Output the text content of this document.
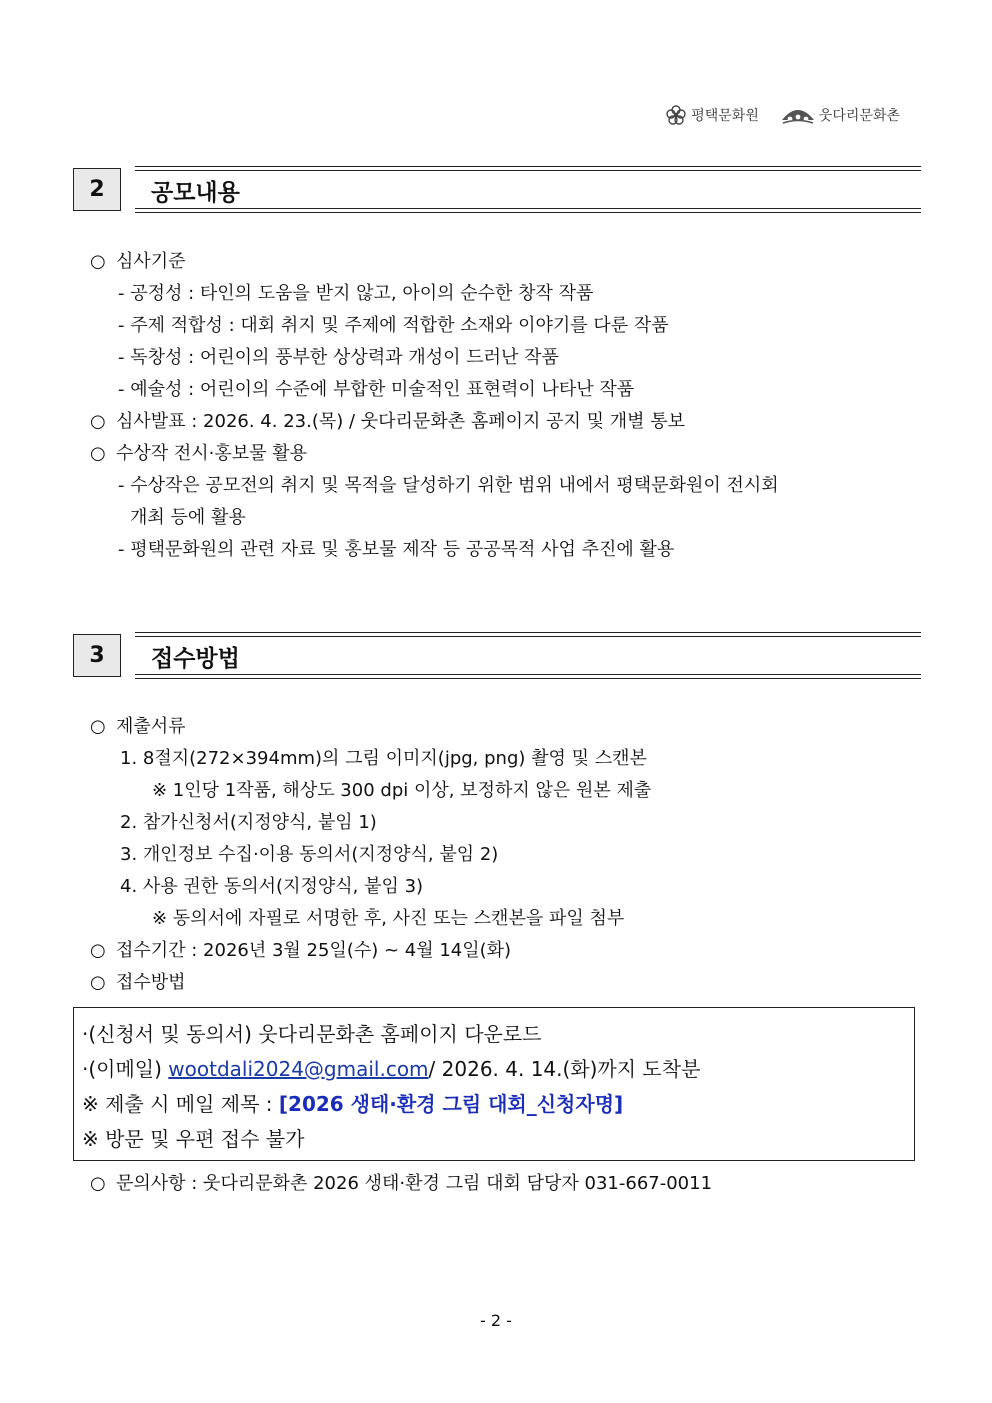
평택문화원	웃다리문화촌
2	공모내용
○ 심사기준
- 공정성 : 타인의 도움을 받지 않고, 아이의 순수한 창작 작품
- 주제 적합성 : 대회 취지 및 주제에 적합한 소재와 이야기를 다룬 작품
- 독창성 : 어린이의 풍부한 상상력과 개성이 드러난 작품
- 예술성 : 어린이의 수준에 부합한 미술적인 표현력이 나타난 작품
○ 심사발표 : 2026. 4. 23.(목) / 웃다리문화촌 홈페이지 공지 및 개별 통보
○ 수상작 전시·홍보물 활용
- 수상작은 공모전의 취지 및 목적을 달성하기 위한 범위 내에서 평택문화원이 전시회
개최 등에 활용
- 평택문화원의 관련 자료 및 홍보물 제작 등 공공목적 사업 추진에 활용
3	접수방법
○ 제출서류
1. 8절지(272×394mm)의 그림 이미지(jpg, png) 촬영 및 스캔본
※ 1인당 1작품, 해상도 300 dpi 이상, 보정하지 않은 원본 제출
2. 참가신청서(지정양식, 붙임 1)
3. 개인정보 수집·이용 동의서(지정양식, 붙임 2)
4. 사용 권한 동의서(지정양식, 붙임 3)
※ 동의서에 자필로 서명한 후, 사진 또는 스캔본을 파일 첨부
○ 접수기간 : 2026년 3월 25일(수) ~ 4월 14일(화)
○ 접수방법
·(신청서 및 동의서) 웃다리문화촌 홈페이지 다운로드
·(이메일) wootdali2024@gmail.com/ 2026. 4. 14.(화)까지 도착분
※ 제출 시 메일 제목 : [2026 생태·환경 그림 대회_신청자명]
※ 방문 및 우편 접수 불가
○ 문의사항 : 웃다리문화촌 2026 생태·환경 그림 대회 담당자 031-667-0011
- 2 -
